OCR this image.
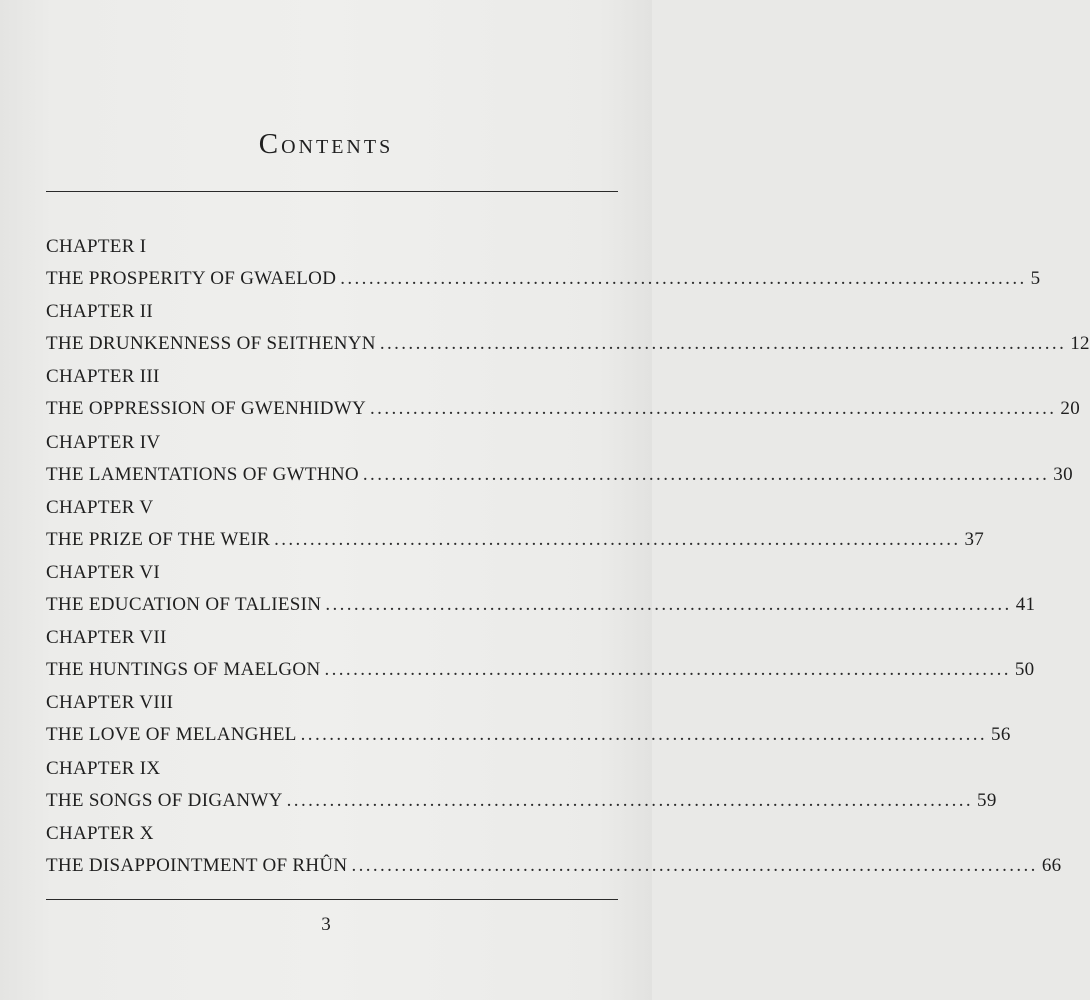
Contents
CHAPTER I
THE PROSPERITY OF GWAELOD ................................................................................................ 5
CHAPTER II
THE DRUNKENNESS OF SEITHENYN ................................................................................................ 12
CHAPTER III
THE OPPRESSION OF GWENHIDWY ................................................................................................ 20
CHAPTER IV
THE LAMENTATIONS OF GWTHNO ................................................................................................ 30
CHAPTER V
THE PRIZE OF THE WEIR ................................................................................................ 37
CHAPTER VI
THE EDUCATION OF TALIESIN ................................................................................................ 41
CHAPTER VII
THE HUNTINGS OF MAELGON ................................................................................................ 50
CHAPTER VIII
THE LOVE OF MELANGHEL ................................................................................................ 56
CHAPTER IX
THE SONGS OF DIGANWY ................................................................................................ 59
CHAPTER X
THE DISAPPOINTMENT OF RHÛN ................................................................................................ 66
3
